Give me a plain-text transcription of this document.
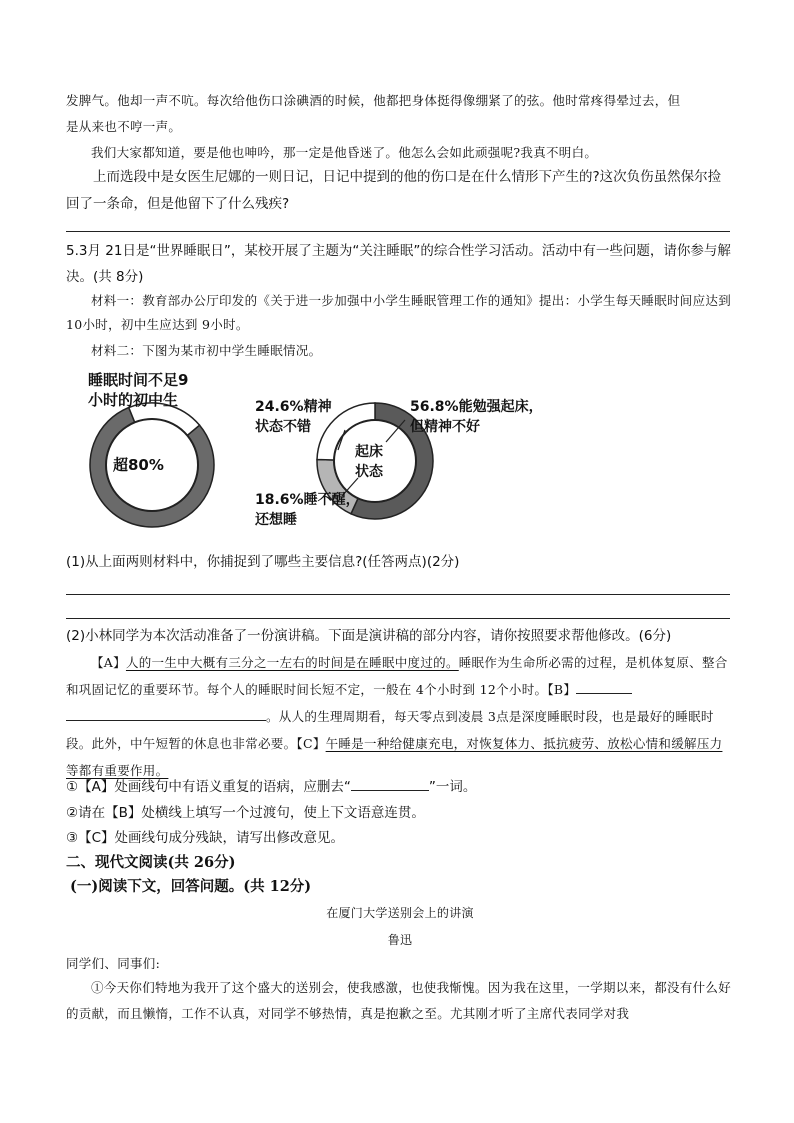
发脾气。他却一声不吭。每次给他伤口涂碘酒的时候，他都把身体挺得像绷紧了的弦。他时常疼得晕过去，但
是从来也不哼一声。
我们大家都知道，要是他也呻吟，那一定是他昏迷了。他怎么会如此顽强呢?我真不明白。
上而选段中是女医生尼娜的一则日记，日记中提到的他的伤口是在什么情形下产生的?这次负伤虽然保尔捡回了一条命，但是他留下了什么残疾?
5.3月 21日是“世界睡眠日”，某校开展了主题为“关注睡眠”的综合性学习活动。活动中有一些问题，请你参与解决。(共 8分)
材料一：教育部办公厅印发的《关于进一步加强中小学生睡眠管理工作的通知》提出：小学生每天睡眠时间应达到 10小时，初中生应达到 9小时。
材料二：下图为某市初中学生睡眠情况。
睡眠时间不足9
小时的初中生
超80%
起床
状态
24.6%精神
状态不错
56.8%能勉强起床，
但精神不好
18.6%睡不醒，
还想睡
(1)从上面两则材料中，你捕捉到了哪些主要信息?(任答两点)(2分)
(2)小林同学为本次活动准备了一份演讲稿。下面是演讲稿的部分内容，请你按照要求帮他修改。(6分)
【A】人的一生中大概有三分之一左右的时间是在睡眠中度过的。睡眠作为生命所必需的过程，是机体复原、整合和巩固记忆的重要环节。每个人的睡眠时间长短不定，一般在 4个小时到 12个小时。【B】。从人的生理周期看，每天零点到凌晨 3点是深度睡眠时段，也是最好的睡眠时段。此外，中午短暂的休息也非常必要。【C】午睡是一种给健康充电，对恢复体力、抵抗疲劳、放松心情和缓解压力等都有重要作用。
①【A】处画线句中有语义重复的语病，应删去“	”一词。
②请在【B】处横线上填写一个过渡句，使上下文语意连贯。
③【C】处画线句成分残缺，请写出修改意见。
二、现代文阅读(共 26分)
(一)阅读下文，回答问题。(共 12分)
在厦门大学送别会上的讲演
鲁迅
同学们、同事们:
①今天你们特地为我开了这个盛大的送别会，使我感激，也使我惭愧。因为我在这里，一学期以来，都没有什么好的贡献，而且懒惰，工作不认真，对同学不够热情，真是抱歉之至。尤其刚才听了主席代表同学对我
